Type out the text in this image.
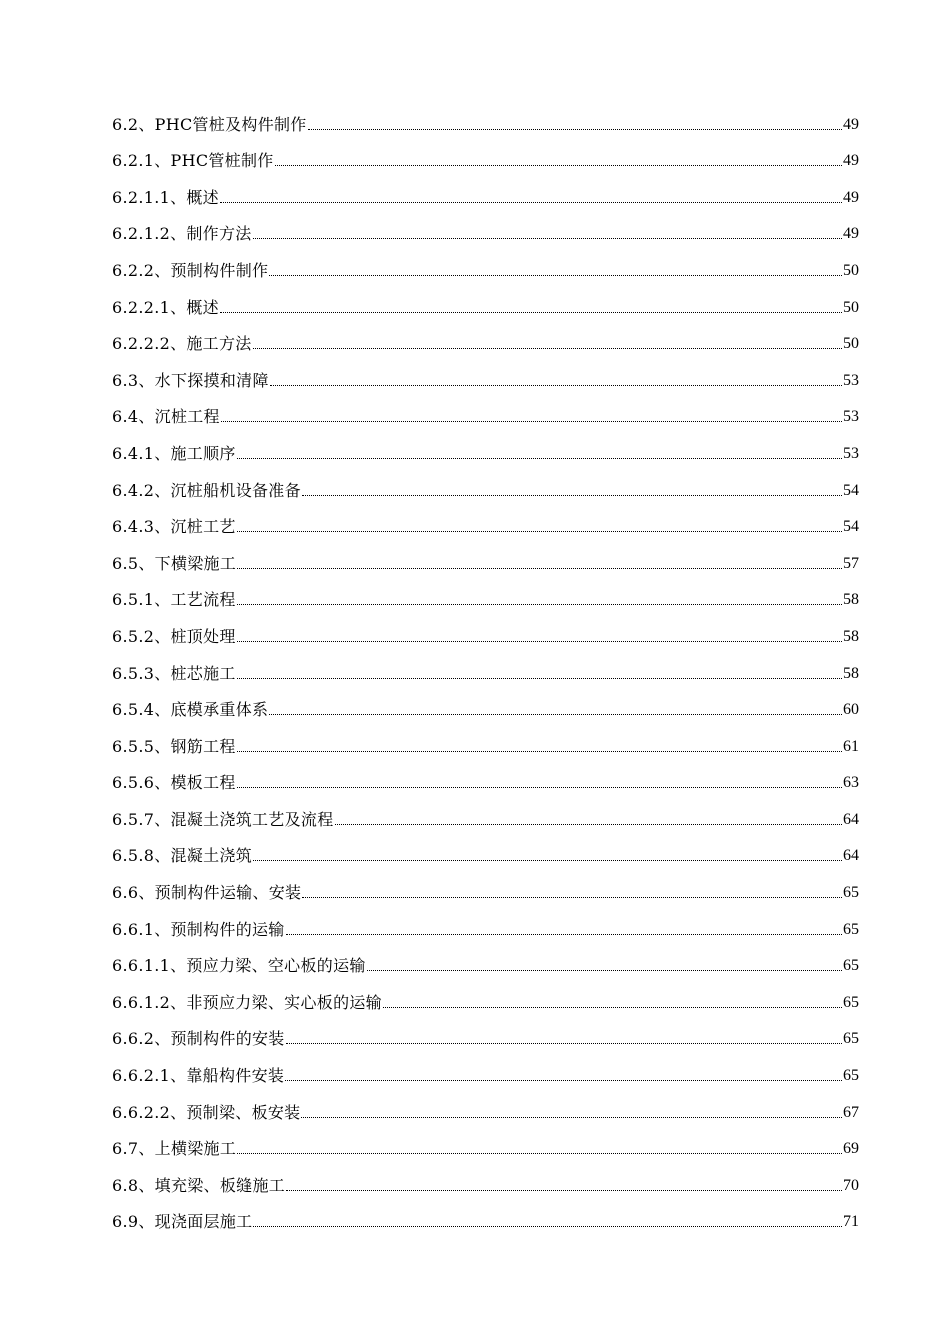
6.2、PHC管桩及构件制作	49
6.2.1、PHC管桩制作	49
6.2.1.1、概述	49
6.2.1.2、制作方法	49
6.2.2、预制构件制作	50
6.2.2.1、概述	50
6.2.2.2、施工方法	50
6.3、水下探摸和清障	53
6.4、沉桩工程	53
6.4.1、施工顺序	53
6.4.2、沉桩船机设备准备	54
6.4.3、沉桩工艺	54
6.5、下横梁施工	57
6.5.1、工艺流程	58
6.5.2、桩顶处理	58
6.5.3、桩芯施工	58
6.5.4、底模承重体系	60
6.5.5、钢筋工程	61
6.5.6、模板工程	63
6.5.7、混凝土浇筑工艺及流程	64
6.5.8、混凝土浇筑	64
6.6、预制构件运输、安装	65
6.6.1、预制构件的运输	65
6.6.1.1、预应力梁、空心板的运输	65
6.6.1.2、非预应力梁、实心板的运输	65
6.6.2、预制构件的安装	65
6.6.2.1、靠船构件安装	65
6.6.2.2、预制梁、板安装	67
6.7、上横梁施工	69
6.8、填充梁、板缝施工	70
6.9、现浇面层施工	71
